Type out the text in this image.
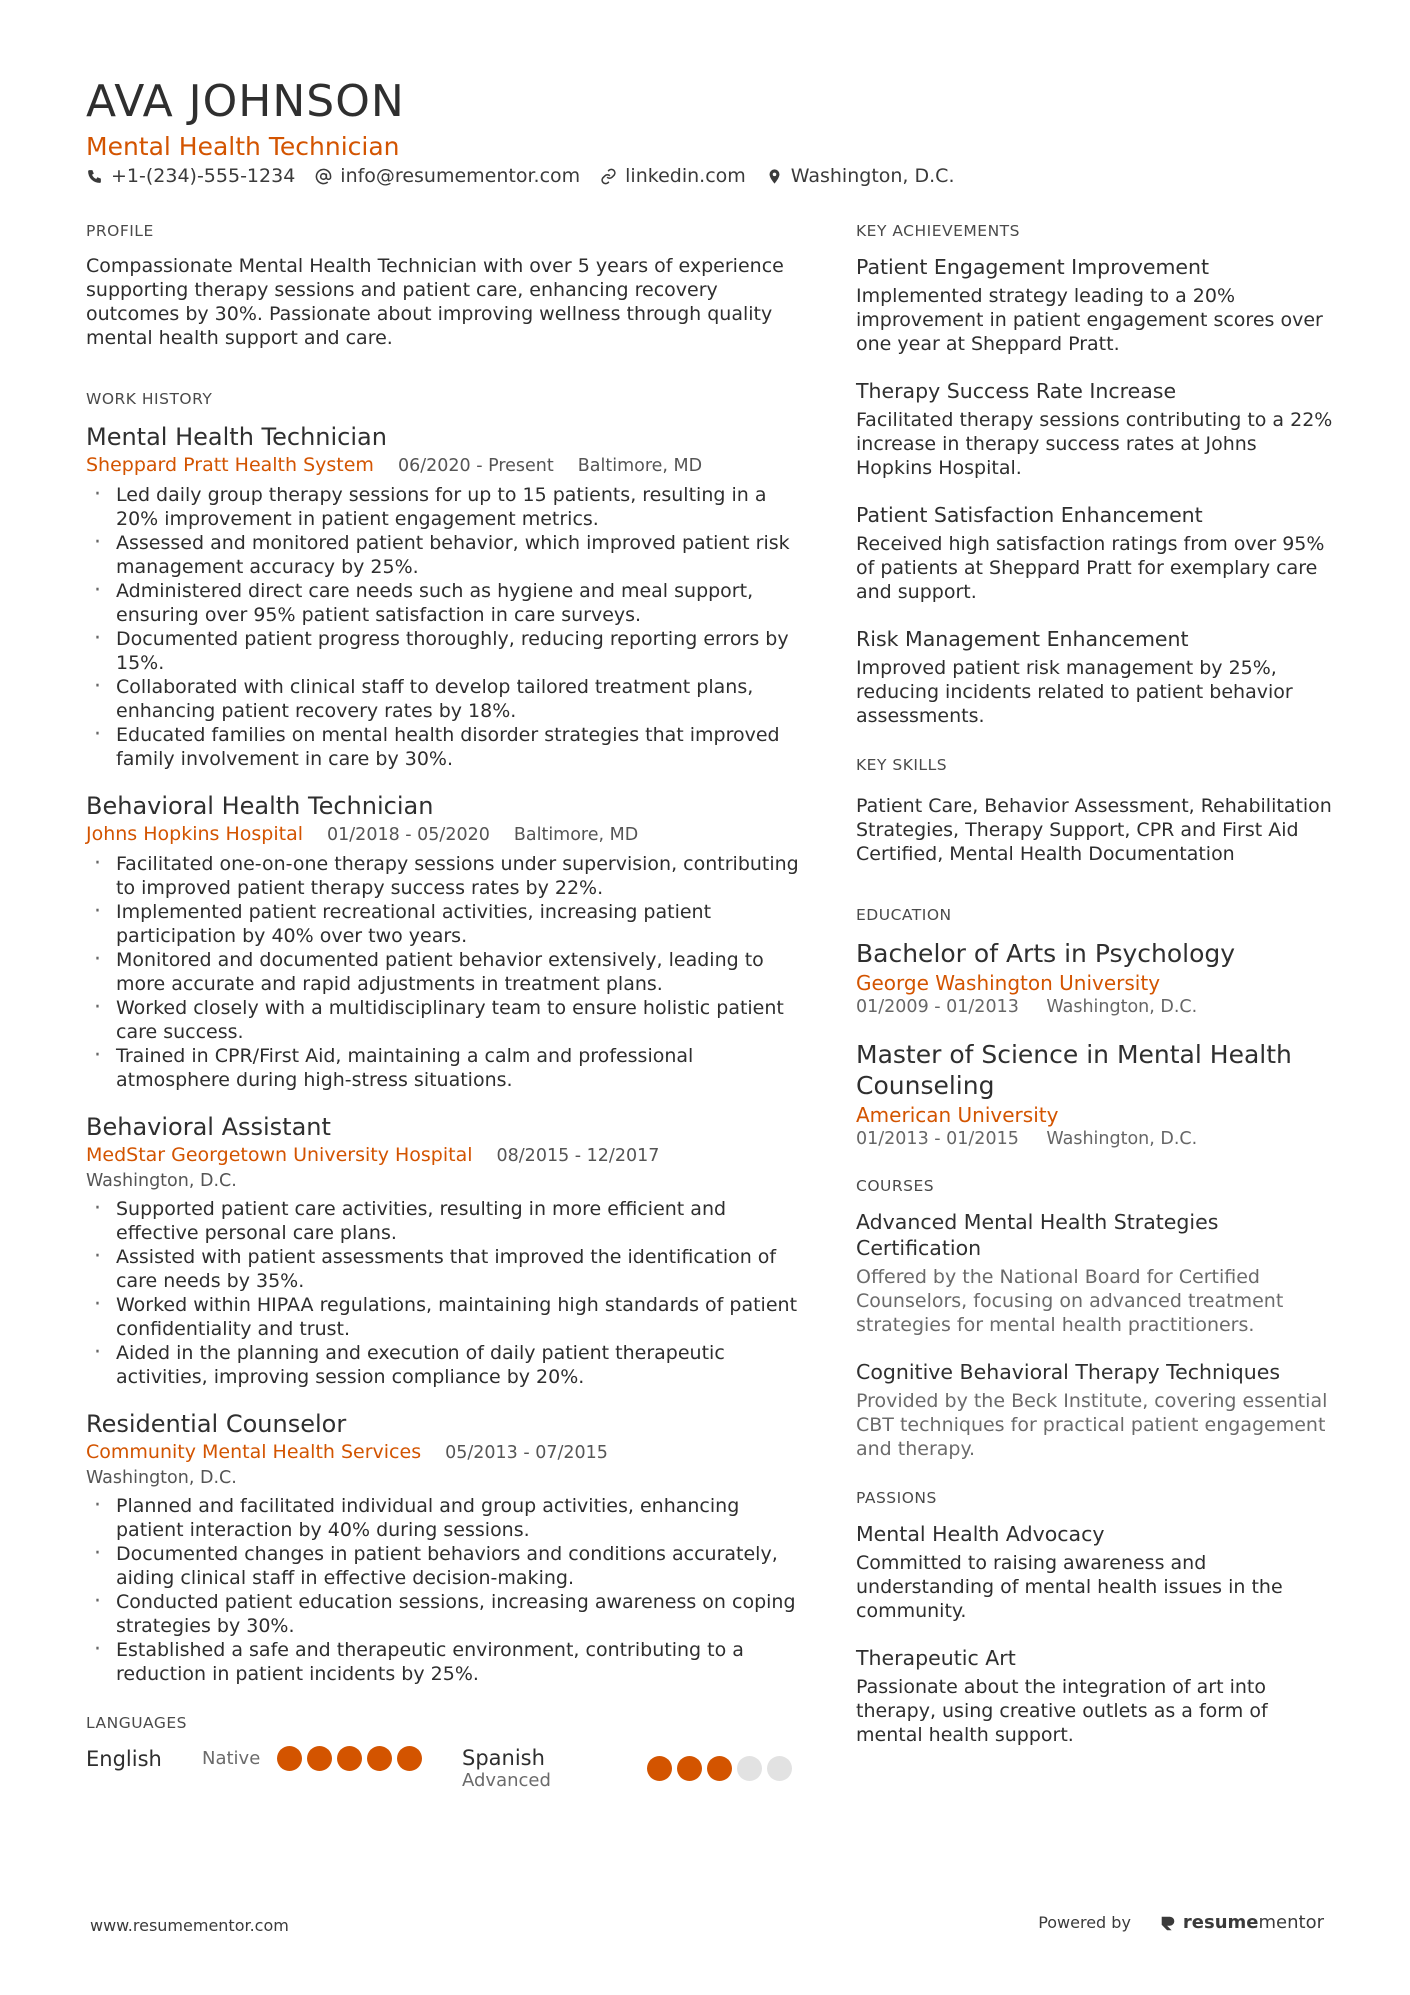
AVA JOHNSON
Mental Health Technician
+1-(234)-555-1234 info@resumementor.com linkedin.com Washington, D.C.
PROFILE
Compassionate Mental Health Technician with over 5 years of experience supporting therapy sessions and patient care, enhancing recovery outcomes by 30%. Passionate about improving wellness through quality mental health support and care.
WORK HISTORY
Mental Health Technician
Sheppard Pratt Health System 06/2020 - Present Baltimore, MD
· Led daily group therapy sessions for up to 15 patients, resulting in a 20% improvement in patient engagement metrics.
· Assessed and monitored patient behavior, which improved patient risk management accuracy by 25%.
· Administered direct care needs such as hygiene and meal support, ensuring over 95% patient satisfaction in care surveys.
· Documented patient progress thoroughly, reducing reporting errors by 15%.
· Collaborated with clinical staff to develop tailored treatment plans, enhancing patient recovery rates by 18%.
· Educated families on mental health disorder strategies that improved family involvement in care by 30%.
Behavioral Health Technician
Johns Hopkins Hospital 01/2018 - 05/2020 Baltimore, MD
· Facilitated one-on-one therapy sessions under supervision, contributing to improved patient therapy success rates by 22%.
· Implemented patient recreational activities, increasing patient participation by 40% over two years.
· Monitored and documented patient behavior extensively, leading to more accurate and rapid adjustments in treatment plans.
· Worked closely with a multidisciplinary team to ensure holistic patient care success.
· Trained in CPR/First Aid, maintaining a calm and professional atmosphere during high-stress situations.
Behavioral Assistant
MedStar Georgetown University Hospital 08/2015 - 12/2017
Washington, D.C.
· Supported patient care activities, resulting in more efficient and effective personal care plans.
· Assisted with patient assessments that improved the identification of care needs by 35%.
· Worked within HIPAA regulations, maintaining high standards of patient confidentiality and trust.
· Aided in the planning and execution of daily patient therapeutic activities, improving session compliance by 20%.
Residential Counselor
Community Mental Health Services 05/2013 - 07/2015
Washington, D.C.
· Planned and facilitated individual and group activities, enhancing patient interaction by 40% during sessions.
· Documented changes in patient behaviors and conditions accurately, aiding clinical staff in effective decision-making.
· Conducted patient education sessions, increasing awareness on coping strategies by 30%.
· Established a safe and therapeutic environment, contributing to a reduction in patient incidents by 25%.
LANGUAGES
English	Native	Spanish
Advanced
KEY ACHIEVEMENTS
Patient Engagement Improvement
Implemented strategy leading to a 20% improvement in patient engagement scores over one year at Sheppard Pratt.
Therapy Success Rate Increase
Facilitated therapy sessions contributing to a 22% increase in therapy success rates at Johns Hopkins Hospital.
Patient Satisfaction Enhancement
Received high satisfaction ratings from over 95% of patients at Sheppard Pratt for exemplary care and support.
Risk Management Enhancement
Improved patient risk management by 25%, reducing incidents related to patient behavior assessments.
KEY SKILLS
Patient Care, Behavior Assessment, Rehabilitation Strategies, Therapy Support, CPR and First Aid Certified, Mental Health Documentation
EDUCATION
Bachelor of Arts in Psychology
George Washington University
01/2009 - 01/2013 Washington, D.C.
Master of Science in Mental Health Counseling
American University
01/2013 - 01/2015 Washington, D.C.
COURSES
Advanced Mental Health Strategies Certification
Offered by the National Board for Certified Counselors, focusing on advanced treatment strategies for mental health practitioners.
Cognitive Behavioral Therapy Techniques
Provided by the Beck Institute, covering essential CBT techniques for practical patient engagement and therapy.
PASSIONS
Mental Health Advocacy
Committed to raising awareness and understanding of mental health issues in the community.
Therapeutic Art
Passionate about the integration of art into therapy, using creative outlets as a form of mental health support.
www.resumementor.com	Powered by	resume mentor
